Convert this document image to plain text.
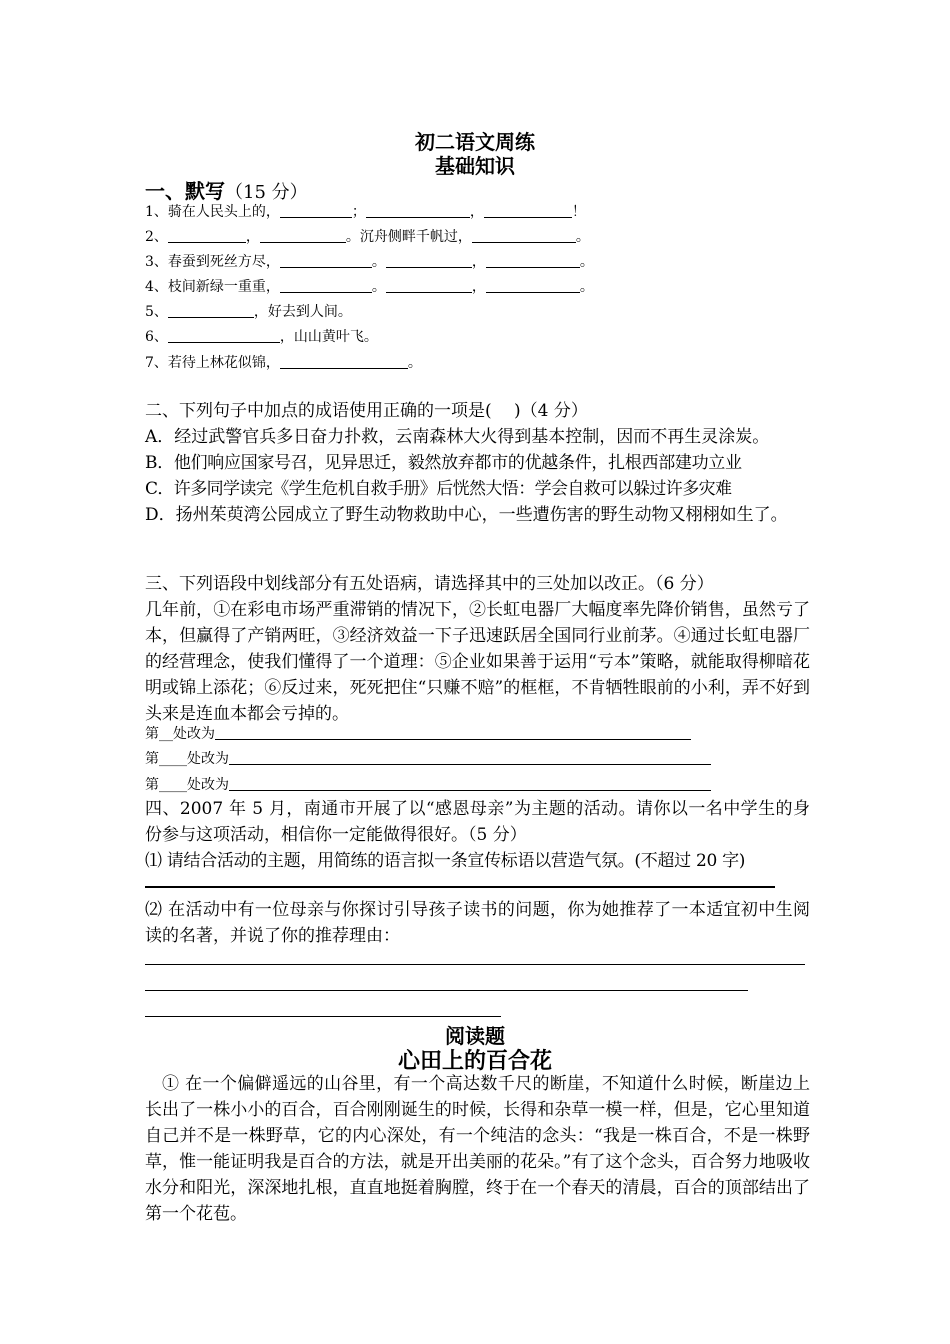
初二语文周练
基础知识
一、默写（15 分）
1、骑在人民头上的，	；	，	！
2、	，	。沉舟侧畔千帆过，	。
3、春蚕到死丝方尽，	。	，	。
4、枝间新绿一重重，	。	，	。
5、	，好去到人间。
6、	，山山黄叶飞。
7、若待上林花似锦，	。

二、下列句子中加点的成语使用正确的一项是(　 )（4 分）

A．经过武警官兵多日奋力扑救，云南森林大火得到基本控制，因而不再生灵涂炭。

B．他们响应国家号召，见异思迁，毅然放弃都市的优越条件，扎根西部建功立业

C．许多同学读完《学生危机自救手册》后恍然大悟：学会自救可以躲过许多灾难

D．扬州茱萸湾公园成立了野生动物救助中心，一些遭伤害的野生动物又栩栩如生了。

三、下列语段中划线部分有五处语病，请选择其中的三处加以改正。（6 分）

几年前，①在彩电市场严重滞销的情况下，②长虹电器厂大幅度率先降价销售，虽然亏了本，但赢得了产销两旺，③经济效益一下子迅速跃居全国同行业前茅。④通过长虹电器厂的经营理念，使我们懂得了一个道理：⑤企业如果善于运用“亏本”策略，就能取得柳暗花明或锦上添花；⑥反过来，死死把住“只赚不赔”的框框，不肯牺牲眼前的小利，弄不好到头来是连血本都会亏掉的。

第__处改为
第____处改为
第____处改为

四、2007 年 5 月，南通市开展了以“感恩母亲”为主题的活动。请你以一名中学生的身份参与这项活动，相信你一定能做得很好。（5 分）

⑴ 请结合活动的主题，用简练的语言拟一条宣传标语以营造气氛。(不超过 20 字)

⑵ 在活动中有一位母亲与你探讨引导孩子读书的问题，你为她推荐了一本适宜初中生阅读的名著，并说了你的推荐理由：

阅读题
心田上的百合花

① 在一个偏僻遥远的山谷里，有一个高达数千尺的断崖，不知道什么时候，断崖边上长出了一株小小的百合，百合刚刚诞生的时候，长得和杂草一模一样，但是，它心里知道自己并不是一株野草，它的内心深处，有一个纯洁的念头：“我是一株百合，不是一株野草，惟一能证明我是百合的方法，就是开出美丽的花朵。”有了这个念头，百合努力地吸收水分和阳光，深深地扎根，直直地挺着胸膛，终于在一个春天的清晨，百合的顶部结出了第一个花苞。
